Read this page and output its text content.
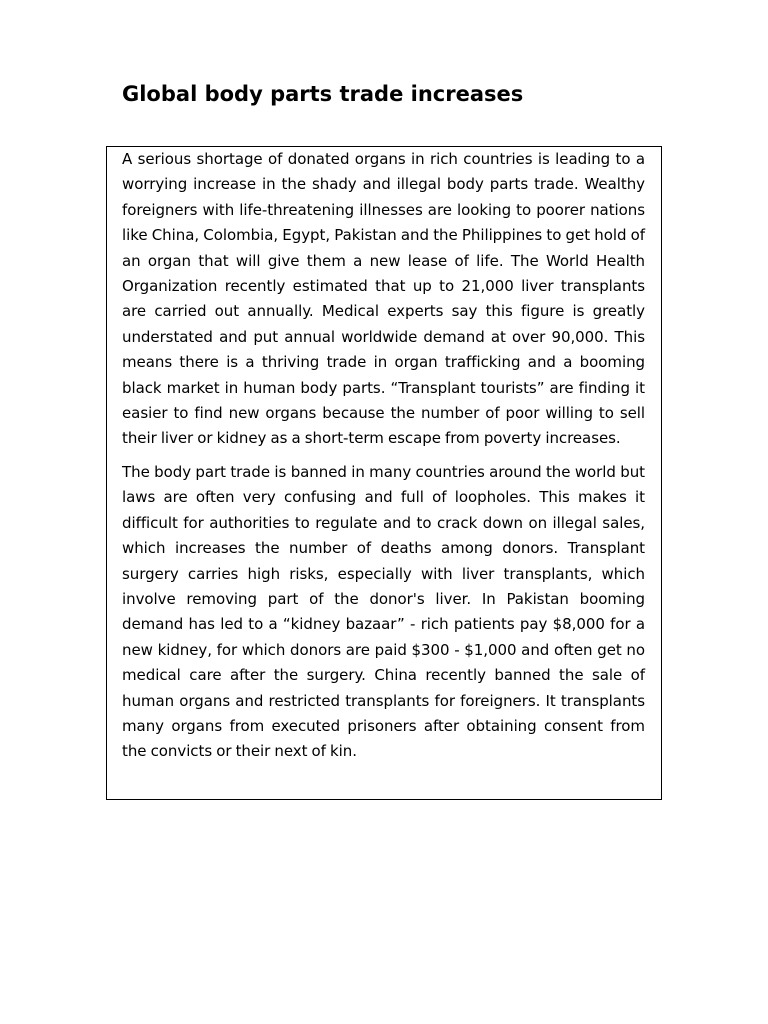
Global body parts trade increases

A serious shortage of donated organs in rich countries is leading to a worrying increase in the shady and illegal body parts trade. Wealthy foreigners with life-threatening illnesses are looking to poorer nations like China, Colombia, Egypt, Pakistan and the Philippines to get hold of an organ that will give them a new lease of life. The World Health Organization recently estimated that up to 21,000 liver transplants are carried out annually. Medical experts say this figure is greatly understated and put annual worldwide demand at over 90,000. This means there is a thriving trade in organ trafficking and a booming black market in human body parts. “Transplant tourists” are finding it easier to find new organs because the number of poor willing to sell their liver or kidney as a short-term escape from poverty increases.

The body part trade is banned in many countries around the world but laws are often very confusing and full of loopholes. This makes it difficult for authorities to regulate and to crack down on illegal sales, which increases the number of deaths among donors. Transplant surgery carries high risks, especially with liver transplants, which involve removing part of the donor's liver. In Pakistan booming demand has led to a “kidney bazaar” - rich patients pay $8,000 for a new kidney, for which donors are paid $300 - $1,000 and often get no medical care after the surgery. China recently banned the sale of human organs and restricted transplants for foreigners. It transplants many organs from executed prisoners after obtaining consent from the convicts or their next of kin.
